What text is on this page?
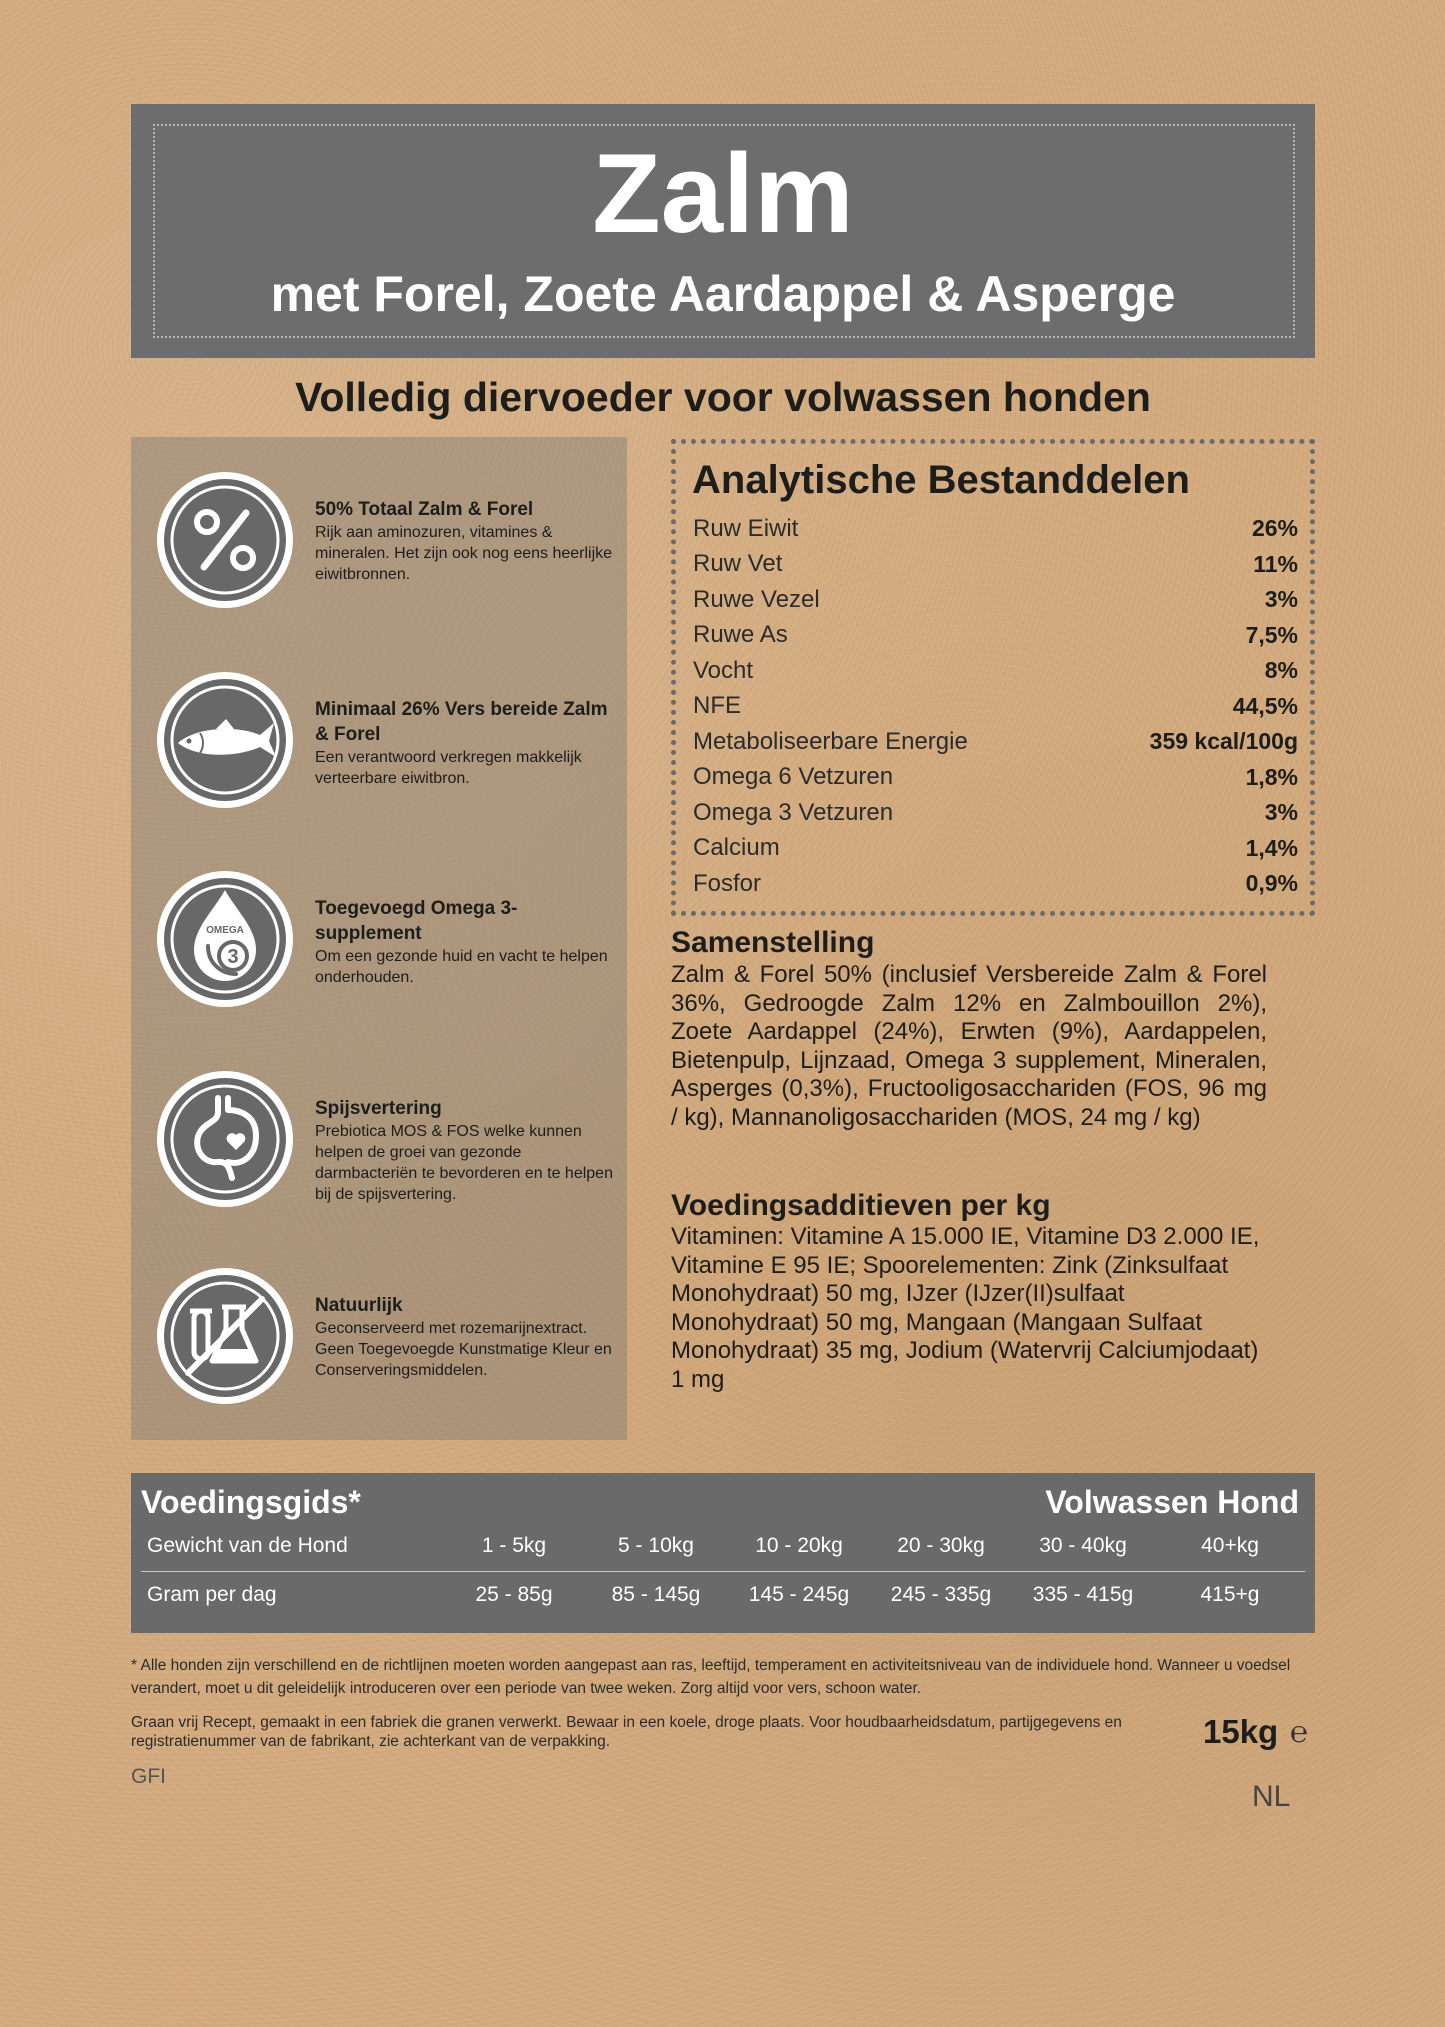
Zalm
met Forel, Zoete Aardappel & Asperge
Volledig diervoeder voor volwassen honden
50% Totaal Zalm & Forel
Rijk aan aminozuren, vitamines & mineralen. Het zijn ook nog eens heerlijke eiwitbronnen.
Minimaal 26% Vers bereide Zalm & Forel
Een verantwoord verkregen makkelijk verteerbare eiwitbron.
OMEGA
3
Toegevoegd Omega 3-supplement
Om een gezonde huid en vacht te helpen onderhouden.
Spijsvertering
Prebiotica MOS & FOS welke kunnen helpen de groei van gezonde darmbacteriën te bevorderen en te helpen bij de spijsvertering.
Natuurlijk
Geconserveerd met rozemarijnextract. Geen Toegevoegde Kunstmatige Kleur en Conserveringsmiddelen.
Analytische Bestanddelen
Ruw Eiwit	26%
Ruw Vet	11%
Ruwe Vezel	3%
Ruwe As	7,5%
Vocht	8%
NFE	44,5%
Metaboliseerbare Energie	359 kcal/100g
Omega 6 Vetzuren	1,8%
Omega 3 Vetzuren	3%
Calcium	1,4%
Fosfor	0,9%
Samenstelling
Zalm & Forel 50% (inclusief Versbereide Zalm & Forel 36%, Gedroogde Zalm 12% en Zalmbouillon 2%), Zoete Aardappel (24%), Erwten (9%), Aardappelen, Bietenpulp, Lijnzaad, Omega 3 supplement, Mineralen, Asperges (0,3%), Fructooligosacchariden (FOS, 96 mg / kg), Mannanoligosacchariden (MOS, 24 mg / kg)
Voedingsadditieven per kg
Vitaminen: Vitamine A 15.000 IE, Vitamine D3 2.000 IE, Vitamine E 95 IE; Spoorelementen: Zink (Zinksulfaat Monohydraat) 50 mg, IJzer (IJzer(II)sulfaat Monohydraat) 50 mg, Mangaan (Mangaan Sulfaat Monohydraat) 35 mg, Jodium (Watervrij Calciumjodaat) 1 mg
Voedingsgids*	Volwassen Hond
Gewicht van de Hond	1 - 5kg	5 - 10kg	10 - 20kg	20 - 30kg	30 - 40kg	40+kg
Gram per dag	25 - 85g	85 - 145g	145 - 245g	245 - 335g	335 - 415g	415+g
* Alle honden zijn verschillend en de richtlijnen moeten worden aangepast aan ras, leeftijd, temperament en activiteitsniveau van de individuele hond. Wanneer u voedsel verandert, moet u dit geleidelijk introduceren over een periode van twee weken. Zorg altijd voor vers, schoon water.
Graan vrij Recept, gemaakt in een fabriek die granen verwerkt. Bewaar in een koele, droge plaats. Voor houdbaarheidsdatum, partijgegevens en registratienummer van de fabrikant, zie achterkant van de verpakking.	15kg ℮
GFI
NL
